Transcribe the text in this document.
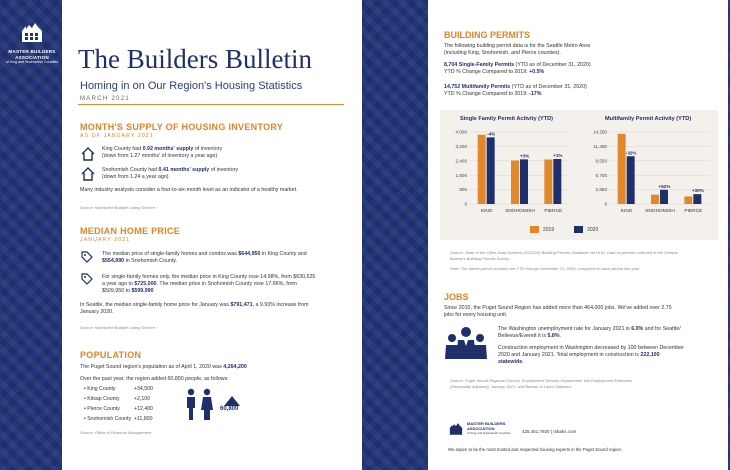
MASTER BUILDERS
ASSOCIATION
of King and Snohomish Counties The Builders Bulletin
Homing in on Our Region's Housing Statistics
MARCH 2021
MONTH'S SUPPLY OF HOUSING INVENTORY
AS OF JANUARY 2021
King County had 0.92 months' supply of inventory
(down from 1.27 months' of inventory a year ago)
Snohomish County had 0.41 months' supply of inventory
(down from 1.24 a year ago)
Many industry analysts consider a four-to-six-month level as an indicator of a healthy market.
Source: Northwest Multiple Listing Service
MEDIAN HOME PRICE
JANUARY 2021
The median price of single-family homes and condos was $644,950 in King County and
$554,990 in Snohomish County.
For single-family homes only, the median price in King County rose 14.98%, from $630,525
a year ago to $725,000. The median price in Snohomish County rose 17.66%, from
$509,950 to $599,990
In Seattle, the median single-family home price for January was $791,471, a 9.93% increase from
January 2020.
Source: Northwest Multiple Listing Service
POPULATION
The Puget Sound region's population as of April 1, 2020 was 4,264,200
Over the past year, the region added 60,800 people, as follows:
• King County	+34,500
• Kitsap County	+2,100
• Pierce County	+12,400
• Snohomish County +11,800
60,800
Source: Office of Financial Management
BUILDING PERMITS
The following building permit data is for the Seattle Metro Area
(including King, Snohomish, and Pierce counties).
8,704 Single-Family Permits (YTD as of December 31, 2020)
YTD % Change Compared to 2019: +0.5%
14,752 Multifamily Permits (YTD as of December 31, 2020)
YTD % Change Compared to 2019: -17%
Single Family Permit Activity (YTD)	Multifamily Permit Activity (YTD)
0
800
1,600
2,400
3,200
4,000	-4%
KING
+3%
SNOHOMISH
+1%
PIERCE
0
2,850
5,700
8,550
11,400
14,250
-32%
KING
+52%
SNOHOMISH
+30%
PIERCE
2019	2020
Source: State of the Cities Data Systems (SOCDS) Building Permits Database via HUD. Data on permits collected in the Census
Bureau's Building Permits Survey.
Note: The above permit numbers are YTD through December 31, 2020, compared to same period last year.
JOBS
Since 2010, the Puget Sound Region has added more than 464,000 jobs. We've added over 2.75
jobs for every housing unit.
The Washington unemployment rate for January 2021 is 6.0% and for Seattle/
Bellevue/Everett it is 5.8%.
Construction employment in Washington decreased by 100 between December
2020 and January 2021. Total employment in construction is 222,100
statewide.
Source: Puget Sound Regional Council, Employment Security Department: WA Employment Estimates
(Seasonally Adjusted), January 2021, and Bureau of Labor Statistics.
MASTER BUILDERS
ASSOCIATION
of King and Snohomish Counties	425.451.7920 | mbaks.com
We aspire to be the most trusted and respected housing experts in the Puget Sound region.
